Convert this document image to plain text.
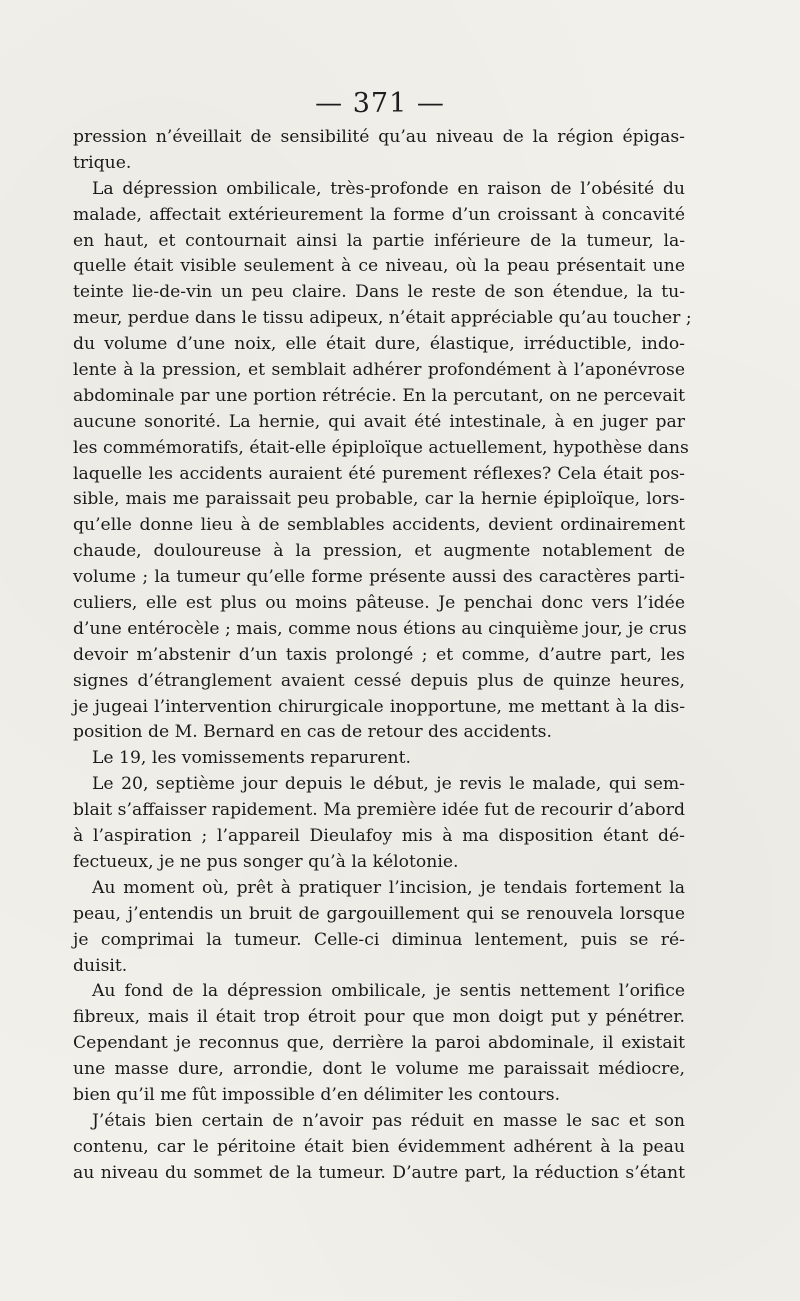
— 371 —
pression n’éveillait de sensibilité qu’au niveau de la région épigas-
trique.
La dépression ombilicale, très-profonde en raison de l’obésité du
malade, affectait extérieurement la forme d’un croissant à concavité
en haut, et contournait ainsi la partie inférieure de la tumeur, la-
quelle était visible seulement à ce niveau, où la peau présentait une
teinte lie-de-vin un peu claire. Dans le reste de son étendue, la tu-
meur, perdue dans le tissu adipeux, n’était appréciable qu’au toucher ;
du volume d’une noix, elle était dure, élastique, irréductible, indo-
lente à la pression, et semblait adhérer profondément à l’aponévrose
abdominale par une portion rétrécie. En la percutant, on ne percevait
aucune sonorité. La hernie, qui avait été intestinale, à en juger par
les commémoratifs, était-elle épiploïque actuellement, hypothèse dans
laquelle les accidents auraient été purement réflexes? Cela était pos-
sible, mais me paraissait peu probable, car la hernie épiploïque, lors-
qu’elle donne lieu à de semblables accidents, devient ordinairement
chaude, douloureuse à la pression, et augmente notablement de
volume ; la tumeur qu’elle forme présente aussi des caractères parti-
culiers, elle est plus ou moins pâteuse. Je penchai donc vers l’idée
d’une entérocèle ; mais, comme nous étions au cinquième jour, je crus
devoir m’abstenir d’un taxis prolongé ; et comme, d’autre part, les
signes d’étranglement avaient cessé depuis plus de quinze heures,
je jugeai l’intervention chirurgicale inopportune, me mettant à la dis-
position de M. Bernard en cas de retour des accidents.
Le 19, les vomissements reparurent.
Le 20, septième jour depuis le début, je revis le malade, qui sem-
blait s’affaisser rapidement. Ma première idée fut de recourir d’abord
à l’aspiration ; l’appareil Dieulafoy mis à ma disposition étant dé-
fectueux, je ne pus songer qu’à la kélotonie.
Au moment où, prêt à pratiquer l’incision, je tendais fortement la
peau, j’entendis un bruit de gargouillement qui se renouvela lorsque
je comprimai la tumeur. Celle-ci diminua lentement, puis se ré-
duisit.
Au fond de la dépression ombilicale, je sentis nettement l’orifice
fibreux, mais il était trop étroit pour que mon doigt put y pénétrer.
Cependant je reconnus que, derrière la paroi abdominale, il existait
une masse dure, arrondie, dont le volume me paraissait médiocre,
bien qu’il me fût impossible d’en délimiter les contours.
J’étais bien certain de n’avoir pas réduit en masse le sac et son
contenu, car le péritoine était bien évidemment adhérent à la peau
au niveau du sommet de la tumeur. D’autre part, la réduction s’étant
